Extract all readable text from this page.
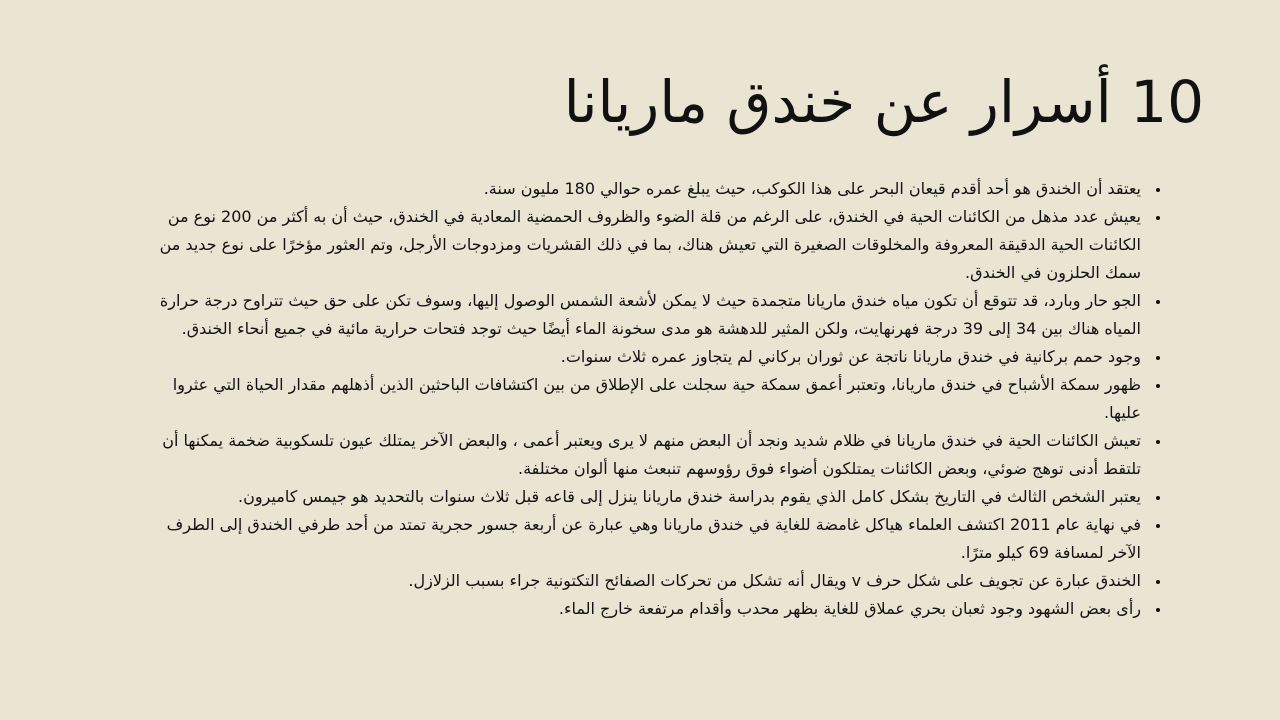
10 أسرار عن خندق ماريانا
• يعتقد أن الخندق هو أحد أقدم قيعان البحر على هذا الكوكب، حيث يبلغ عمره حوالي 180 مليون سنة.
• يعيش عدد مذهل من الكائنات الحية في الخندق، على الرغم من قلة الضوء والظروف الحمضية المعادية في الخندق، حيث أن به أكثر من 200 نوع من الكائنات الحية الدقيقة المعروفة والمخلوقات الصغيرة التي تعيش هناك، بما في ذلك القشريات ومزدوجات الأرجل، وتم العثور مؤخرًا على نوع جديد من سمك الحلزون في الخندق.
• الجو حار وبارد، قد تتوقع أن تكون مياه خندق ماريانا متجمدة حيث لا يمكن لأشعة الشمس الوصول إليها، وسوف تكن على حق حيث تتراوح درجة حرارة المياه هناك بين 34 إلى 39 درجة فهرنهايت، ولكن المثير للدهشة هو مدى سخونة الماء أيضًا حيث توجد فتحات حرارية مائية في جميع أنحاء الخندق.
• وجود حمم بركانية في خندق ماريانا ناتجة عن ثوران بركاني لم يتجاوز عمره ثلاث سنوات.
• ظهور سمكة الأشباح في خندق ماريانا، وتعتبر أعمق سمكة حية سجلت على الإطلاق من بين اكتشافات الباحثين الذين أذهلهم مقدار الحياة التي عثروا عليها.
• تعيش الكائنات الحية في خندق ماريانا في ظلام شديد ونجد أن البعض منهم لا يرى ويعتبر أعمى ، والبعض الآخر يمتلك عيون تلسكوبية ضخمة يمكنها أن تلتقط أدنى توهج ضوئي، وبعض الكائنات يمتلكون أضواء فوق رؤوسهم تنبعث منها ألوان مختلفة.
• يعتبر الشخص الثالث في التاريخ بشكل كامل الذي يقوم بدراسة خندق ماريانا ينزل إلى قاعه قبل ثلاث سنوات بالتحديد هو جيمس كاميرون.
• في نهاية عام 2011 اكتشف العلماء هياكل غامضة للغاية في خندق ماريانا وهي عبارة عن أربعة جسور حجرية تمتد من أحد طرفي الخندق إلى الطرف الآخر لمسافة 69 كيلو مترًا.
• الخندق عبارة عن تجويف على شكل حرف v ويقال أنه تشكل من تحركات الصفائح التكتونية جراء بسبب الزلازل.
• رأى بعض الشهود وجود ثعبان بحري عملاق للغاية بظهر محدب وأقدام مرتفعة خارج الماء.
